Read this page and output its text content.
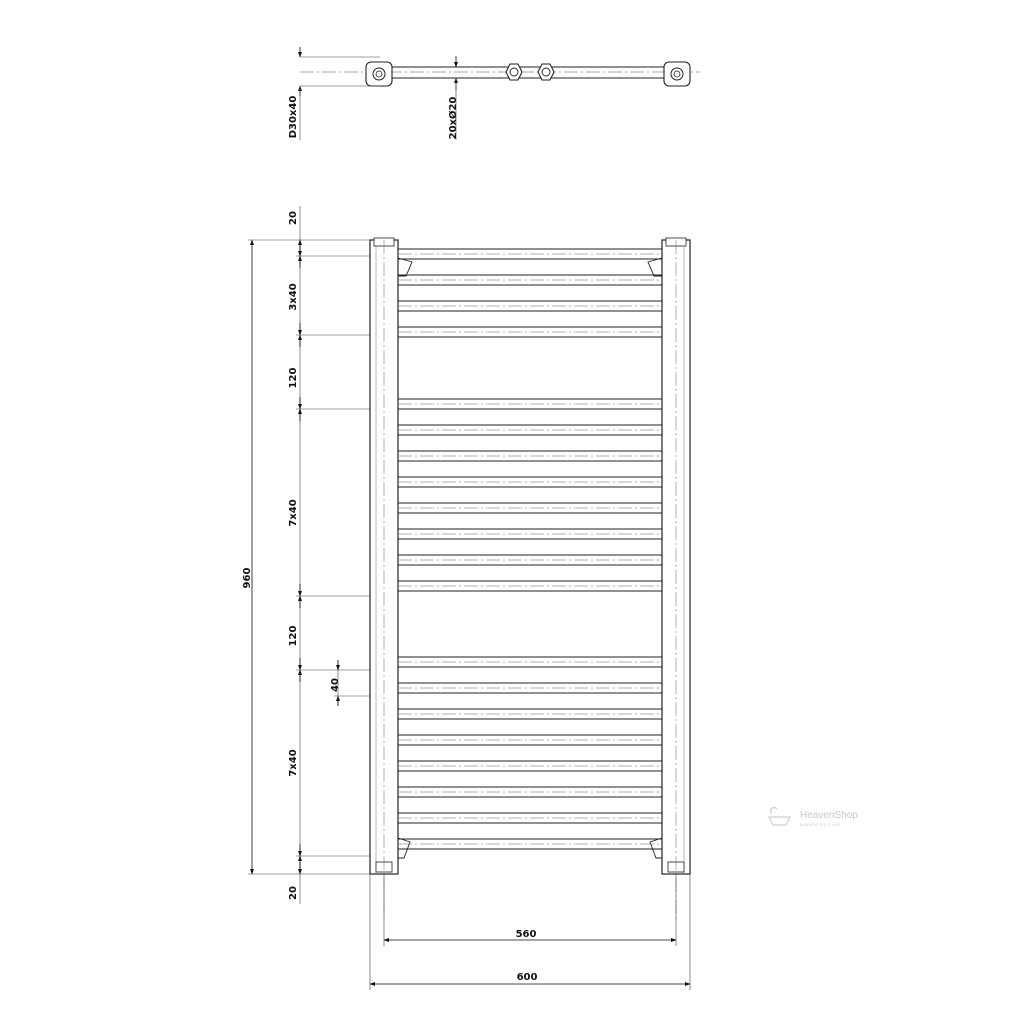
D30x40	20xØ20
20
3x40
120
7x40
120
40
7x40
20
960
560
600
HeavenShop
koupelny snu a vaše
